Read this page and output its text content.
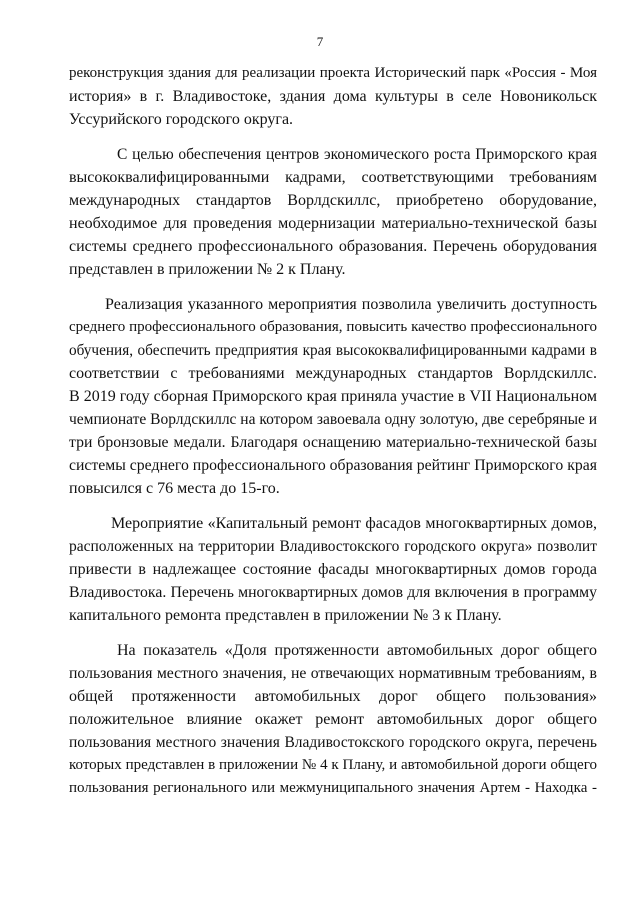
7
реконструкция здания для реализации проекта Исторический парк «Россия - Моя
история» в г. Владивостоке, здания дома культуры в селе Новоникольск
Уссурийского городского округа.
С целью обеспечения центров экономического роста Приморского края
высококвалифицированными кадрами, соответствующими требованиям
международных стандартов Ворлдскиллс, приобретено оборудование,
необходимое для проведения модернизации материально-технической базы
системы среднего профессионального образования. Перечень оборудования
представлен в приложении № 2 к Плану.
Реализация указанного мероприятия позволила увеличить доступность
среднего профессионального образования, повысить качество профессионального
обучения, обеспечить предприятия края высококвалифицированными кадрами в
соответствии с требованиями международных стандартов Ворлдскиллс.
В 2019 году сборная Приморского края приняла участие в VII Национальном
чемпионате Ворлдскиллс на котором завоевала одну золотую, две серебряные и
три бронзовые медали. Благодаря оснащению материально-технической базы
системы среднего профессионального образования рейтинг Приморского края
повысился с 76 места до 15-го.
Мероприятие «Капитальный ремонт фасадов многоквартирных домов,
расположенных на территории Владивостокского городского округа» позволит
привести в надлежащее состояние фасады многоквартирных домов города
Владивостока. Перечень многоквартирных домов для включения в программу
капитального ремонта представлен в приложении № 3 к Плану.
На показатель «Доля протяженности автомобильных дорог общего
пользования местного значения, не отвечающих нормативным требованиям, в
общей протяженности автомобильных дорог общего пользования»
положительное влияние окажет ремонт автомобильных дорог общего
пользования местного значения Владивостокского городского округа, перечень
которых представлен в приложении № 4 к Плану, и автомобильной дороги общего
пользования регионального или межмуниципального значения Артем - Находка -
